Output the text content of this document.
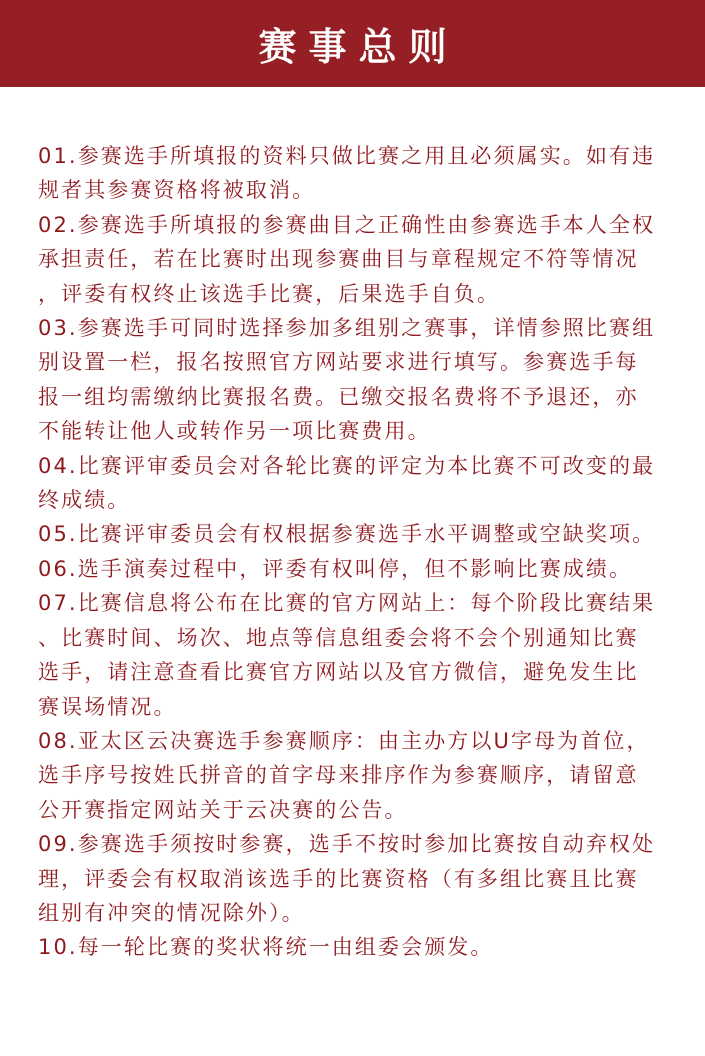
赛事总则
01.参赛选手所填报的资料只做比赛之用且必须属实。如有违
规者其参赛资格将被取消。
02.参赛选手所填报的参赛曲目之正确性由参赛选手本人全权
承担责任，若在比赛时出现参赛曲目与章程规定不符等情况
，评委有权终止该选手比赛，后果选手自负。
03.参赛选手可同时选择参加多组别之赛事，详情参照比赛组
别设置一栏，报名按照官方网站要求进行填写。参赛选手每
报一组均需缴纳比赛报名费。已缴交报名费将不予退还，亦
不能转让他人或转作另一项比赛费用。
04.比赛评审委员会对各轮比赛的评定为本比赛不可改变的最
终成绩。
05.比赛评审委员会有权根据参赛选手水平调整或空缺奖项。
06.选手演奏过程中，评委有权叫停，但不影响比赛成绩。
07.比赛信息将公布在比赛的官方网站上：每个阶段比赛结果
、比赛时间、场次、地点等信息组委会将不会个别通知比赛
选手，请注意查看比赛官方网站以及官方微信，避免发生比
赛误场情况。
08.亚太区云决赛选手参赛顺序：由主办方以U字母为首位，
选手序号按姓氏拼音的首字母来排序作为参赛顺序，请留意
公开赛指定网站关于云决赛的公告。
09.参赛选手须按时参赛，选手不按时参加比赛按自动弃权处
理，评委会有权取消该选手的比赛资格（有多组比赛且比赛
组别有冲突的情况除外）。
10.每一轮比赛的奖状将统一由组委会颁发。
